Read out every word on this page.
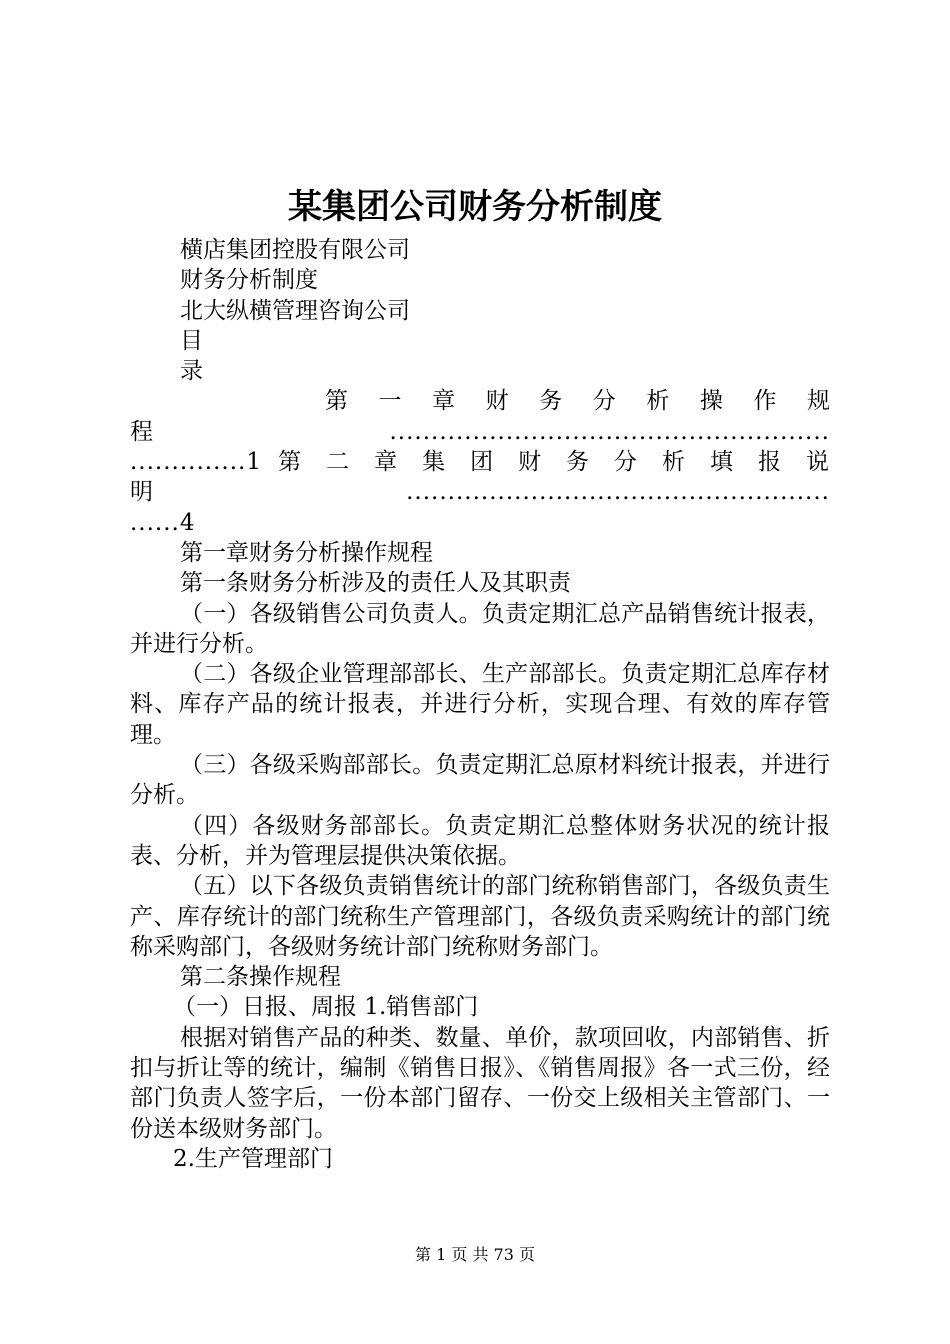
某集团公司财务分析制度
横店集团控股有限公司
财务分析制度
北大纵横管理咨询公司
目
录
第　一　章　财　务　分　析　操　作　规
程.....................................................
..............1 第 二 章 集 团 财 务 分 析 填 报 说
明...................................................
......4
第一章财务分析操作规程
第一条财务分析涉及的责任人及其职责
（一）各级销售公司负责人。负责定期汇总产品销售统计报表，并进行分析。
（二）各级企业管理部部长、生产部部长。负责定期汇总库存材料、库存产品的统计报表，并进行分析，实现合理、有效的库存管理。
（三）各级采购部部长。负责定期汇总原材料统计报表，并进行分析。
（四）各级财务部部长。负责定期汇总整体财务状况的统计报表、分析，并为管理层提供决策依据。
（五）以下各级负责销售统计的部门统称销售部门，各级负责生产、库存统计的部门统称生产管理部门，各级负责采购统计的部门统称采购部门，各级财务统计部门统称财务部门。
第二条操作规程
（一）日报、周报 1.销售部门
根据对销售产品的种类、数量、单价，款项回收，内部销售、折扣与折让等的统计，编制《销售日报》、《销售周报》各一式三份，经部门负责人签字后，一份本部门留存、一份交上级相关主管部门、一份送本级财务部门。
2.生产管理部门
第 1 页 共 73 页
